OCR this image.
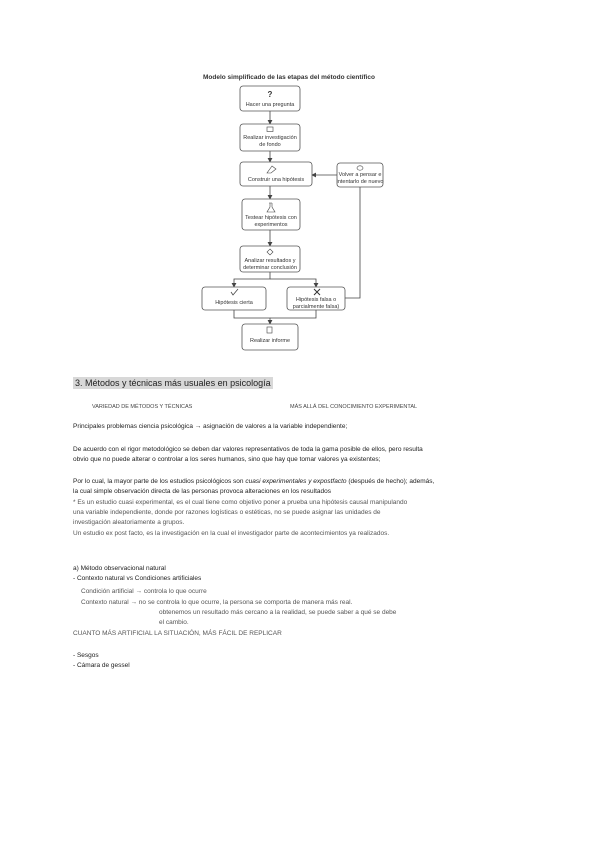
Modelo simplificado de las etapas del método científico
?
Hacer una pregunta
Realizar investigación
de fondo
Construir una hipótesis
Volver a pensar e
intentarlo de nuevo
Testear hipótesis con
experimentos
Analizar resultados y
determinar conclusión
Hipótesis cierta	Hipótesis falsa o
parcialmente falsa)
Realizar informe
3. Métodos y técnicas más usuales en psicología
VARIEDAD DE MÉTODOS Y TÉCNICAS	MÁS ALLÁ DEL CONOCIMIENTO EXPERIMENTAL
Principales problemas ciencia psicológica → asignación de valores a la variable independiente;
De acuerdo con el rigor metodológico se deben dar valores representativos de toda la gama posible de ellos, pero resulta
obvio que no puede alterar o controlar a los seres humanos, sino que hay que tomar valores ya existentes;
Por lo cual, la mayor parte de los estudios psicológicos son cuasi experimentales y expostfacto (después de hecho); además,
la cual simple observación directa de las personas provoca alteraciones en los resultados
* Es un estudio cuasi experimental, es el cual tiene como objetivo poner a prueba una hipótesis causal manipulando
una variable independiente, donde por razones logísticas o estéticas, no se puede asignar las unidades de
investigación aleatoriamente a grupos.
Un estudio ex post facto, es la investigación en la cual el investigador parte de acontecimientos ya realizados.
a) Método observacional natural
- Contexto natural vs Condiciones artificiales
Condición artificial → controla lo que ocurre
Contexto natural → no se controla lo que ocurre, la persona se comporta de manera más real.
obtenemos un resultado más cercano a la realidad, se puede saber a qué se debe
el cambio.
CUANTO MÁS ARTIFICIAL LA SITUACIÓN, MÁS FÁCIL DE REPLICAR
- Sesgos
- Cámara de gessel
